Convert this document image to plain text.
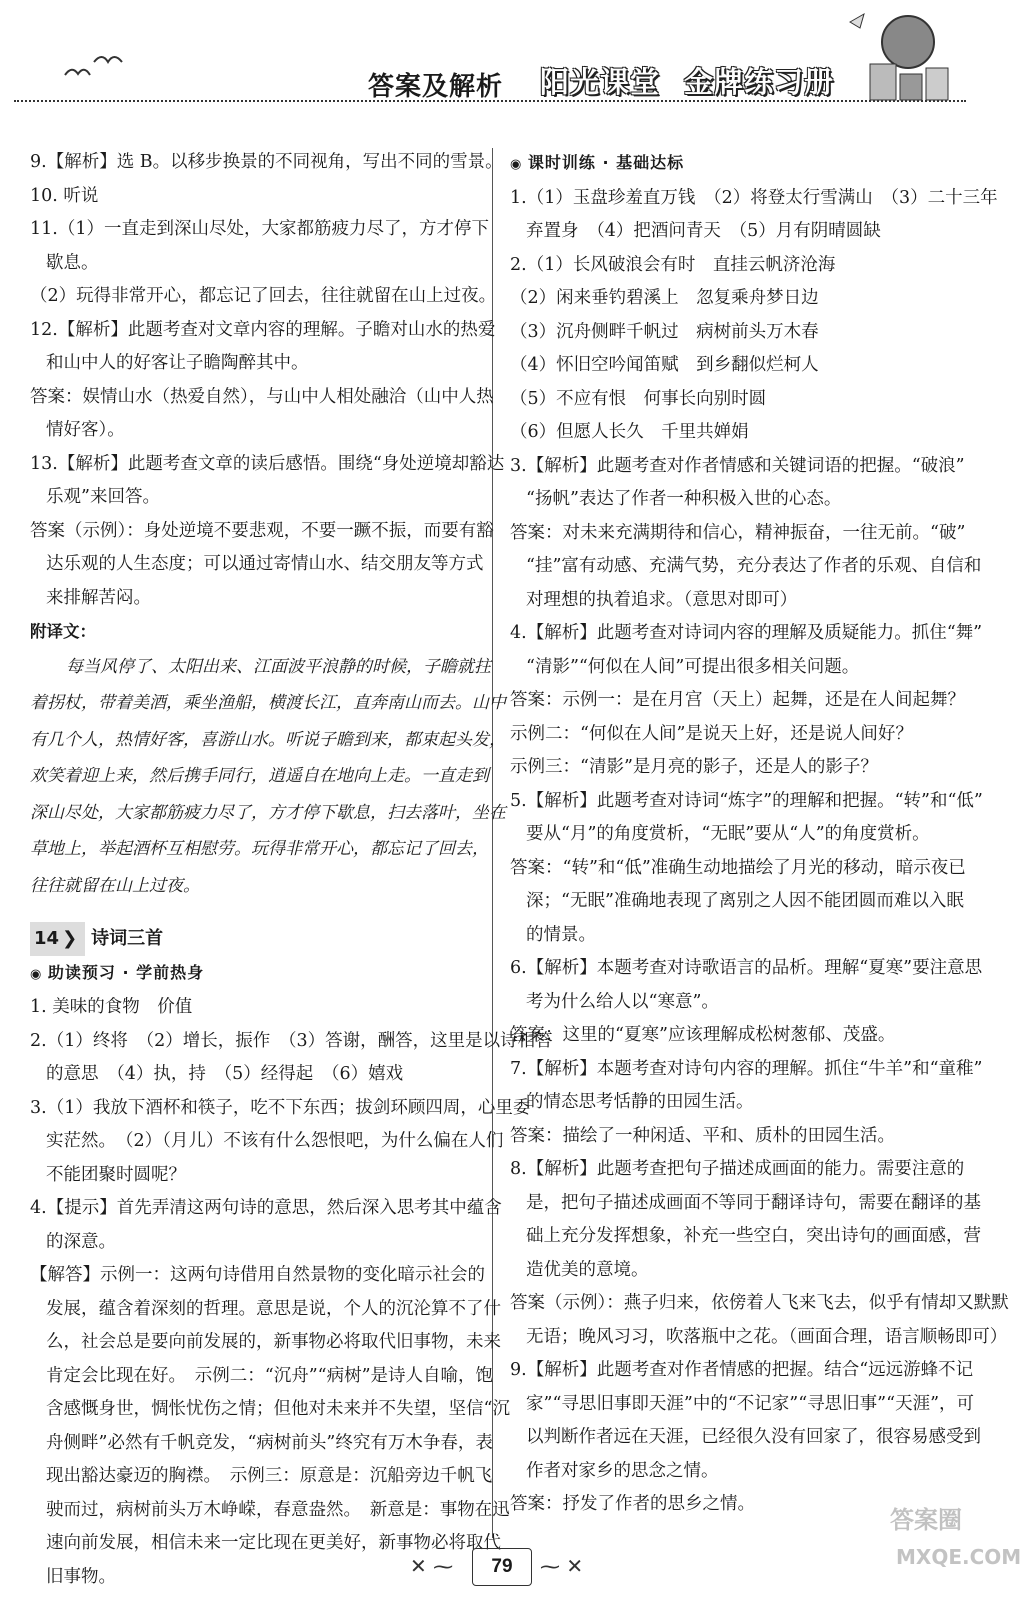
答案及解析 阳光课堂 金牌练习册
9.【解析】选 B。以移步换景的不同视角，写出不同的雪景。
10. 听说
11.（1）一直走到深山尽处，大家都筋疲力尽了，方才停下
歇息。
（2）玩得非常开心，都忘记了回去，往往就留在山上过夜。
12.【解析】此题考查对文章内容的理解。子瞻对山水的热爱
和山中人的好客让子瞻陶醉其中。
答案：娱情山水（热爱自然），与山中人相处融洽（山中人热
情好客）。
13.【解析】此题考查文章的读后感悟。围绕“身处逆境却豁达
乐观”来回答。
答案（示例）：身处逆境不要悲观，不要一蹶不振，而要有豁
达乐观的人生态度；可以通过寄情山水、结交朋友等方式
来排解苦闷。
附译文：
每当风停了、太阳出来、江面波平浪静的时候，子瞻就拄
着拐杖，带着美酒，乘坐渔船，横渡长江，直奔南山而去。山中
有几个人，热情好客，喜游山水。听说子瞻到来，都束起头发，
欢笑着迎上来，然后携手同行，逍遥自在地向上走。一直走到
深山尽处，大家都筋疲力尽了，方才停下歇息，扫去落叶，坐在
草地上，举起酒杯互相慰劳。玩得非常开心，都忘记了回去，
往往就留在山上过夜。
14 ❯ 诗词三首
◉ 助读预习 · 学前热身
1. 美味的食物　价值
2.（1）终将　（2）增长，振作　（3）答谢，酬答，这里是以诗相答
的意思　（4）执，持　（5）经得起　（6）嬉戏
3.（1）我放下酒杯和筷子，吃不下东西；拔剑环顾四周，心里委
实茫然。　（2）（月儿）不该有什么怨恨吧，为什么偏在人们
不能团聚时圆呢？
4.【提示】首先弄清这两句诗的意思，然后深入思考其中蕴含
的深意。
【解答】示例一：这两句诗借用自然景物的变化暗示社会的
发展，蕴含着深刻的哲理。意思是说，个人的沉沦算不了什
么，社会总是要向前发展的，新事物必将取代旧事物，未来
肯定会比现在好。　示例二：“沉舟”“病树”是诗人自喻，饱
含感慨身世，惆怅忧伤之情；但他对未来并不失望，坚信“沉
舟侧畔”必然有千帆竞发，“病树前头”终究有万木争春，表
现出豁达豪迈的胸襟。　示例三：原意是：沉船旁边千帆飞
驶而过，病树前头万木峥嵘，春意盎然。　新意是：事物在迅
速向前发展，相信未来一定比现在更美好，新事物必将取代
旧事物。
◉ 课时训练 · 基础达标
1.（1）玉盘珍羞直万钱　（2）将登太行雪满山　（3）二十三年
弃置身　（4）把酒问青天　（5）月有阴晴圆缺
2.（1）长风破浪会有时　直挂云帆济沧海
（2）闲来垂钓碧溪上　忽复乘舟梦日边
（3）沉舟侧畔千帆过　病树前头万木春
（4）怀旧空吟闻笛赋　到乡翻似烂柯人
（5）不应有恨　何事长向别时圆
（6）但愿人长久　千里共婵娟
3.【解析】此题考查对作者情感和关键词语的把握。“破浪”
“扬帆”表达了作者一种积极入世的心态。
答案：对未来充满期待和信心，精神振奋，一往无前。“破”
“挂”富有动感、充满气势，充分表达了作者的乐观、自信和
对理想的执着追求。（意思对即可）
4.【解析】此题考查对诗词内容的理解及质疑能力。抓住“舞”
“清影”“何似在人间”可提出很多相关问题。
答案：示例一：是在月宫（天上）起舞，还是在人间起舞？
示例二：“何似在人间”是说天上好，还是说人间好？
示例三：“清影”是月亮的影子，还是人的影子？
5.【解析】此题考查对诗词“炼字”的理解和把握。“转”和“低”
要从“月”的角度赏析，“无眠”要从“人”的角度赏析。
答案：“转”和“低”准确生动地描绘了月光的移动，暗示夜已
深；“无眠”准确地表现了离别之人因不能团圆而难以入眠
的情景。
6.【解析】本题考查对诗歌语言的品析。理解“夏寒”要注意思
考为什么给人以“寒意”。
答案：这里的“夏寒”应该理解成松树葱郁、茂盛。
7.【解析】本题考查对诗句内容的理解。抓住“牛羊”和“童稚”
的情态思考恬静的田园生活。
答案：描绘了一种闲适、平和、质朴的田园生活。
8.【解析】此题考查把句子描述成画面的能力。需要注意的
是，把句子描述成画面不等同于翻译诗句，需要在翻译的基
础上充分发挥想象，补充一些空白，突出诗句的画面感，营
造优美的意境。
答案（示例）：燕子归来，依傍着人飞来飞去，似乎有情却又默默
无语；晚风习习，吹落瓶中之花。（画面合理，语言顺畅即可）
9.【解析】此题考查对作者情感的把握。结合“远远游蜂不记
家”“寻思旧事即天涯”中的“不记家”“寻思旧事”“天涯”，可
以判断作者远在天涯，已经很久没有回家了，很容易感受到
作者对家乡的思念之情。
答案：抒发了作者的思乡之情。
✕ ⁓	79	⁓ ✕
答案圈
MXQE.COM
